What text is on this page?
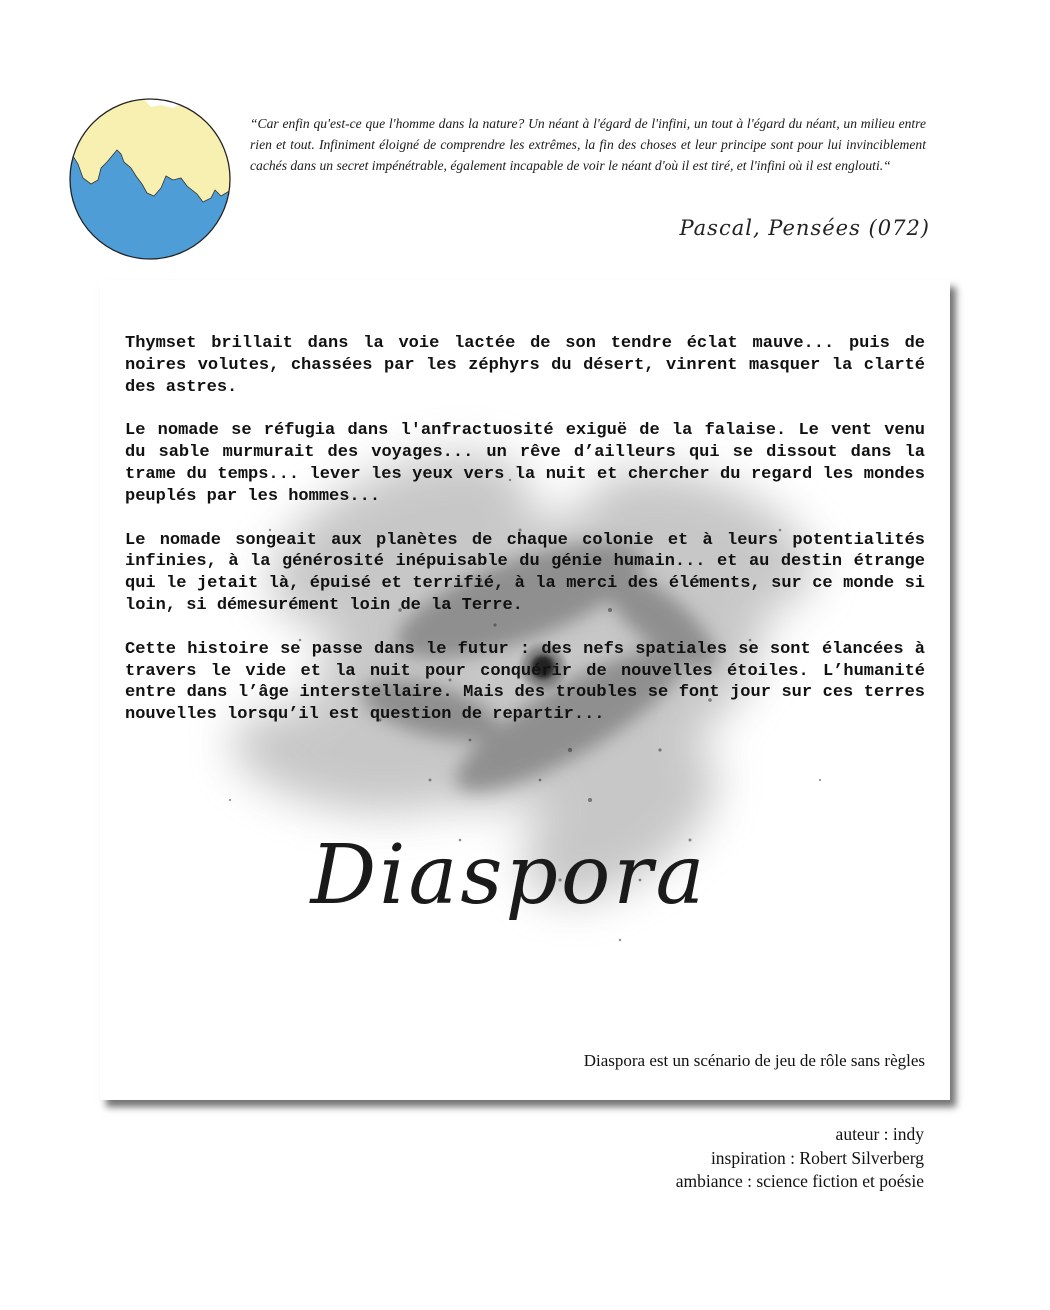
“Car enfin qu'est-ce que l'homme dans la nature? Un néant à l'égard de l'infini, un tout à l'égard du néant, un milieu entre rien et tout. Infiniment éloigné de comprendre les extrêmes, la fin des choses et leur principe sont pour lui invinciblement cachés dans un secret impénétrable, également incapable de voir le néant d'où il est tiré, et l'infini où il est englouti.“

Pascal, Pensées (072)

Thymset brillait dans la voie lactée de son tendre éclat mauve... puis de noires volutes, chassées par les zéphyrs du désert, vinrent masquer la clarté des astres.

Le nomade se réfugia dans l'anfractuosité exiguë de la falaise. Le vent venu du sable murmurait des voyages... un rêve d’ailleurs qui se dissout dans la trame du temps... lever les yeux vers la nuit et chercher du regard les mondes peuplés par les hommes...

Le nomade songeait aux planètes de chaque colonie et à leurs potentialités infinies, à la générosité inépuisable du génie humain... et au destin étrange qui le jetait là, épuisé et terrifié, à la merci des éléments, sur ce monde si loin, si démesurément loin de la Terre.

Cette histoire se passe dans le futur : des nefs spatiales se sont élancées à travers le vide et la nuit pour conquérir de nouvelles étoiles. L’humanité entre dans l’âge interstellaire. Mais des troubles se font jour sur ces terres nouvelles lorsqu’il est question de repartir...

Diaspora
Diaspora est un scénario de jeu de rôle sans règles
auteur : indy
inspiration : Robert Silverberg
ambiance : science fiction et poésie
